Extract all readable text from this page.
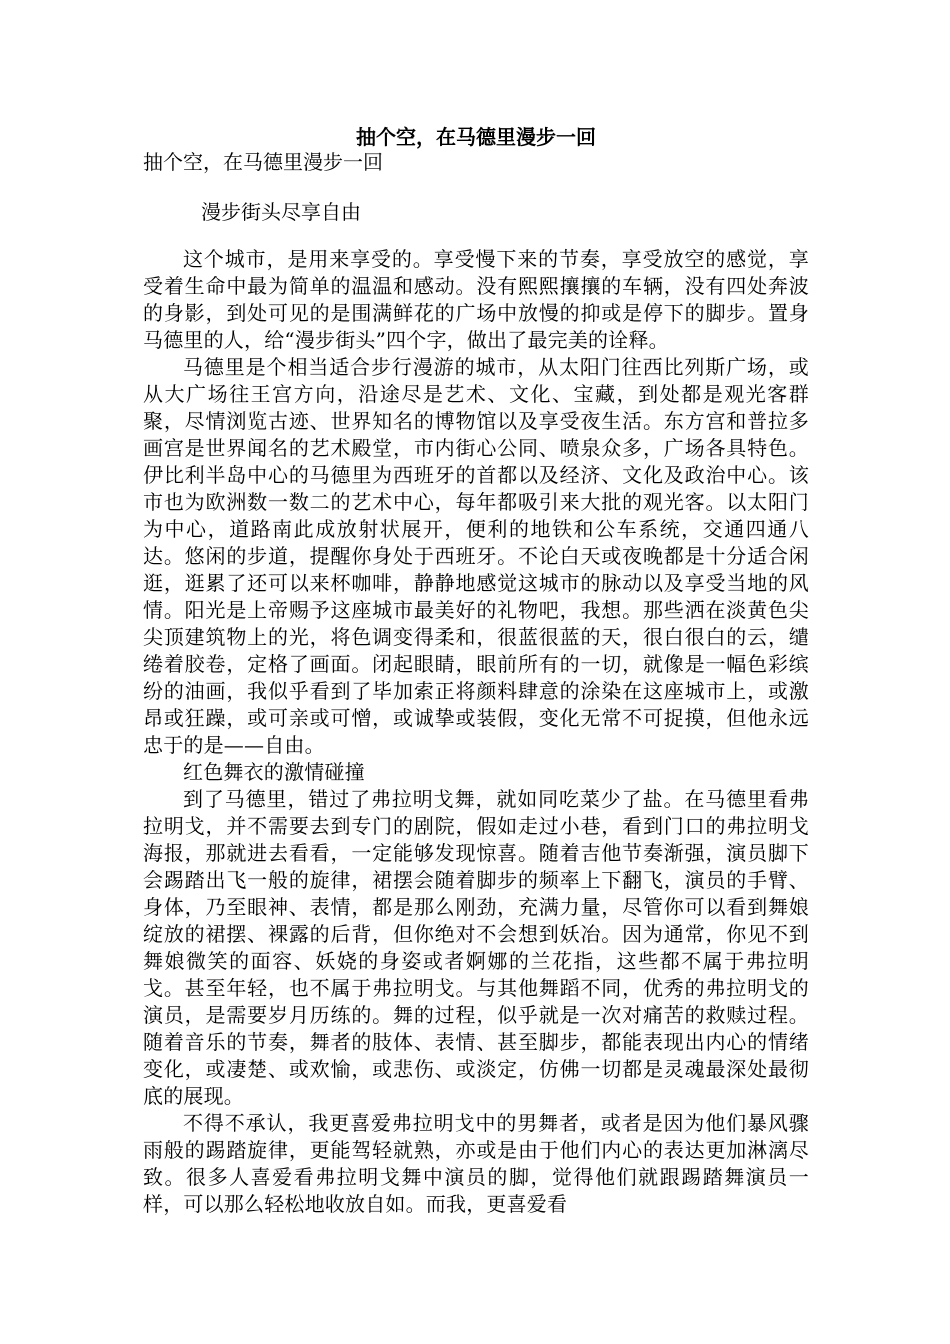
抽个空，在马德里漫步一回
抽个空，在马德里漫步一回
漫步街头尽享自由

这个城市，是用来享受的。享受慢下来的节奏，享受放空的感觉，享受着生命中最为简单的温温和感动。没有熙熙攘攘的车辆，没有四处奔波的身影，到处可见的是围满鲜花的广场中放慢的抑或是停下的脚步。置身马德里的人，给“漫步街头”四个字，做出了最完美的诠释。

马德里是个相当适合步行漫游的城市，从太阳门往西比列斯广场，或从大广场往王宫方向，沿途尽是艺术、文化、宝藏，到处都是观光客群聚，尽情浏览古迹、世界知名的博物馆以及享受夜生活。东方宫和普拉多画宫是世界闻名的艺术殿堂，市内街心公同、喷泉众多，广场各具特色。伊比利半岛中心的马德里为西班牙的首都以及经济、文化及政治中心。该市也为欧洲数一数二的艺术中心，每年都吸引来大批的观光客。以太阳门为中心，道路南此成放射状展开，便利的地铁和公车系统，交通四通八达。悠闲的步道，提醒你身处于西班牙。不论白天或夜晚都是十分适合闲逛，逛累了还可以来杯咖啡，静静地感觉这城市的脉动以及享受当地的风情。阳光是上帝赐予这座城市最美好的礼物吧，我想。那些洒在淡黄色尖尖顶建筑物上的光，将色调变得柔和，很蓝很蓝的天，很白很白的云，缱绻着胶卷，定格了画面。闭起眼睛，眼前所有的一切，就像是一幅色彩缤纷的油画，我似乎看到了毕加索正将颜料肆意的涂染在这座城市上，或激昂或狂躁，或可亲或可憎，或诚挚或装假，变化无常不可捉摸，但他永远忠于的是——自由。

红色舞衣的激情碰撞

到了马德里，错过了弗拉明戈舞，就如同吃菜少了盐。在马德里看弗拉明戈，并不需要去到专门的剧院，假如走过小巷，看到门口的弗拉明戈海报，那就进去看看，一定能够发现惊喜。随着吉他节奏渐强，演员脚下会踢踏出飞一般的旋律，裙摆会随着脚步的频率上下翻飞，演员的手臂、身体，乃至眼神、表情，都是那么刚劲，充满力量，尽管你可以看到舞娘绽放的裙摆、裸露的后背，但你绝对不会想到妖冶。因为通常，你见不到舞娘微笑的面容、妖娆的身姿或者婀娜的兰花指，这些都不属于弗拉明戈。甚至年轻，也不属于弗拉明戈。与其他舞蹈不同，优秀的弗拉明戈的演员，是需要岁月历练的。舞的过程，似乎就是一次对痛苦的救赎过程。随着音乐的节奏，舞者的肢体、表情、甚至脚步，都能表现出内心的情绪变化，或凄楚、或欢愉，或悲伤、或淡定，仿佛一切都是灵魂最深处最彻底的展现。

不得不承认，我更喜爱弗拉明戈中的男舞者，或者是因为他们暴风骤雨般的踢踏旋律，更能驾轻就熟，亦或是由于他们内心的表达更加淋漓尽致。很多人喜爱看弗拉明戈舞中演员的脚，觉得他们就跟踢踏舞演员一样，可以那么轻松地收放自如。而我，更喜爱看
